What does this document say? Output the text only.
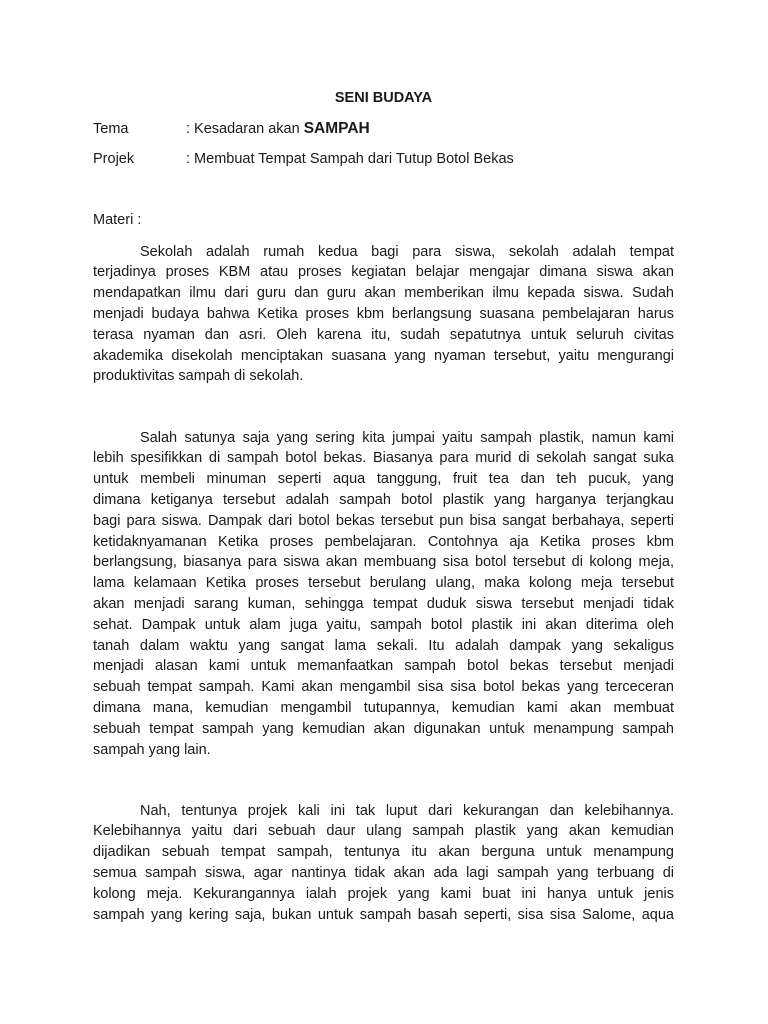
SENI BUDAYA
Tema	: Kesadaran akan SAMPAH
Projek	: Membuat Tempat Sampah dari Tutup Botol Bekas
Materi :
Sekolah adalah rumah kedua bagi para siswa, sekolah adalah tempat
terjadinya proses KBM atau proses kegiatan belajar mengajar dimana siswa akan
mendapatkan ilmu dari guru dan guru akan memberikan ilmu kepada siswa. Sudah
menjadi budaya bahwa Ketika proses kbm berlangsung suasana pembelajaran harus
terasa nyaman dan asri. Oleh karena itu, sudah sepatutnya untuk seluruh civitas
akademika disekolah menciptakan suasana yang nyaman tersebut, yaitu mengurangi
produktivitas sampah di sekolah.
Salah satunya saja yang sering kita jumpai yaitu sampah plastik, namun kami
lebih spesifikkan di sampah botol bekas. Biasanya para murid di sekolah sangat suka
untuk membeli minuman seperti aqua tanggung, fruit tea dan teh pucuk, yang
dimana ketiganya tersebut adalah sampah botol plastik yang harganya terjangkau
bagi para siswa. Dampak dari botol bekas tersebut pun bisa sangat berbahaya, seperti
ketidaknyamanan Ketika proses pembelajaran. Contohnya aja Ketika proses kbm
berlangsung, biasanya para siswa akan membuang sisa botol tersebut di kolong meja,
lama kelamaan Ketika proses tersebut berulang ulang, maka kolong meja tersebut
akan menjadi sarang kuman, sehingga tempat duduk siswa tersebut menjadi tidak
sehat. Dampak untuk alam juga yaitu, sampah botol plastik ini akan diterima oleh
tanah dalam waktu yang sangat lama sekali. Itu adalah dampak yang sekaligus
menjadi alasan kami untuk memanfaatkan sampah botol bekas tersebut menjadi
sebuah tempat sampah. Kami akan mengambil sisa sisa botol bekas yang terceceran
dimana mana, kemudian mengambil tutupannya, kemudian kami akan membuat
sebuah tempat sampah yang kemudian akan digunakan untuk menampung sampah
sampah yang lain.
Nah, tentunya projek kali ini tak luput dari kekurangan dan kelebihannya.
Kelebihannya yaitu dari sebuah daur ulang sampah plastik yang akan kemudian
dijadikan sebuah tempat sampah, tentunya itu akan berguna untuk menampung
semua sampah siswa, agar nantinya tidak akan ada lagi sampah yang terbuang di
kolong meja. Kekurangannya ialah projek yang kami buat ini hanya untuk jenis
sampah yang kering saja, bukan untuk sampah basah seperti, sisa sisa Salome, aqua
